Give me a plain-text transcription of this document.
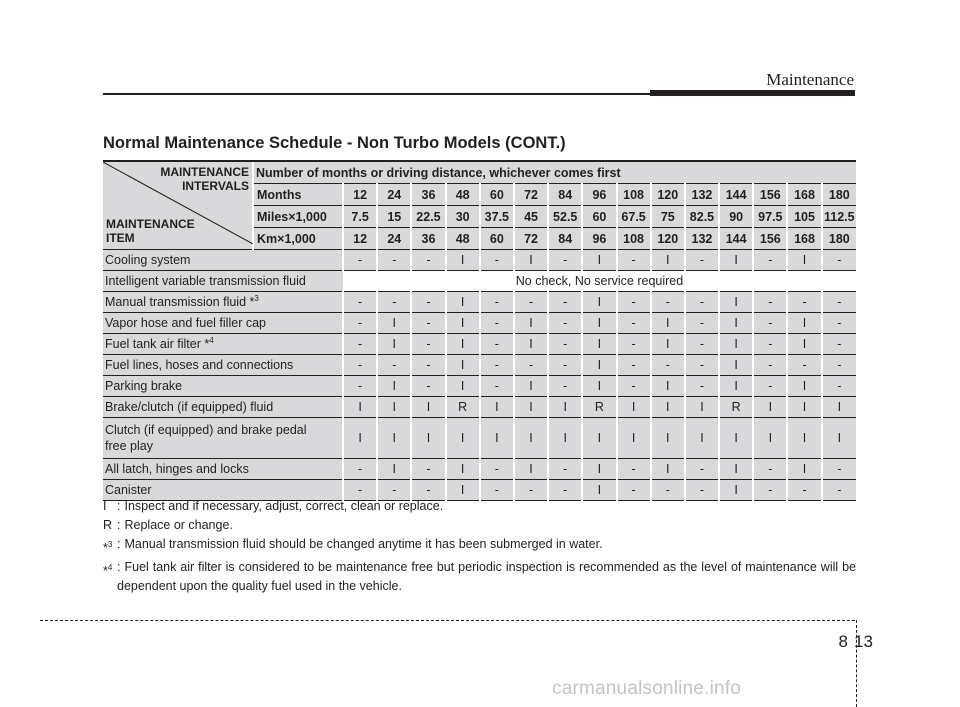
Maintenance
Normal Maintenance Schedule - Non Turbo Models (CONT.)
MAINTENANCE
INTERVALS
MAINTENANCE
ITEM	Number of months or driving distance, whichever comes first															
	Months	12	24	36	48	60	72	84	96	108	120	132	144	156	168	180
	Miles×1,000	7.5	15	22.5	30	37.5	45	52.5	60	67.5	75	82.5	90	97.5	105	112.5
	Km×1,000	12	24	36	48	60	72	84	96	108	120	132	144	156	168	180
Cooling system		-	-	-	I	-	I	-	I	-	I	-	I	-	I	-
Intelligent variable transmission fluid		No check, No service required														
Manual transmission fluid *$^3$		-	-	-	I	-	-	-	I	-	-	-	I	-	-	-
Vapor hose and fuel filler cap		-	I	-	I	-	I	-	I	-	I	-	I	-	I	-
Fuel tank air filter *$^4$		-	I	-	I	-	I	-	I	-	I	-	I	-	I	-
Fuel lines, hoses and connections		-	-	-	I	-	-	-	I	-	-	-	I	-	-	-
Parking brake		-	I	-	I	-	I	-	I	-	I	-	I	-	I	-
Brake/clutch (if equipped) fluid		I	I	I	R	I	I	I	R	I	I	I	R	I	I	I
Clutch (if equipped) and brake pedal
free play		I	I	I	I	I	I	I	I	I	I	I	I	I	I	I
All latch, hinges and locks		-	I	-	I	-	I	-	I	-	I	-	I	-	I	-
Canister		-	-	-	I	-	-	-	I	-	-	-	I	-	-	-
I : Inspect and if necessary, adjust, correct, clean or replace.
R : Replace or change.
*$^3$ : Manual transmission fluid should be changed anytime it has been submerged in water.
*$^4$ : Fuel tank air filter is considered to be maintenance free but periodic inspection is recommended as the level of maintenance will be dependent upon the quality fuel used in the vehicle.
8 13
carmanualsonline.info
